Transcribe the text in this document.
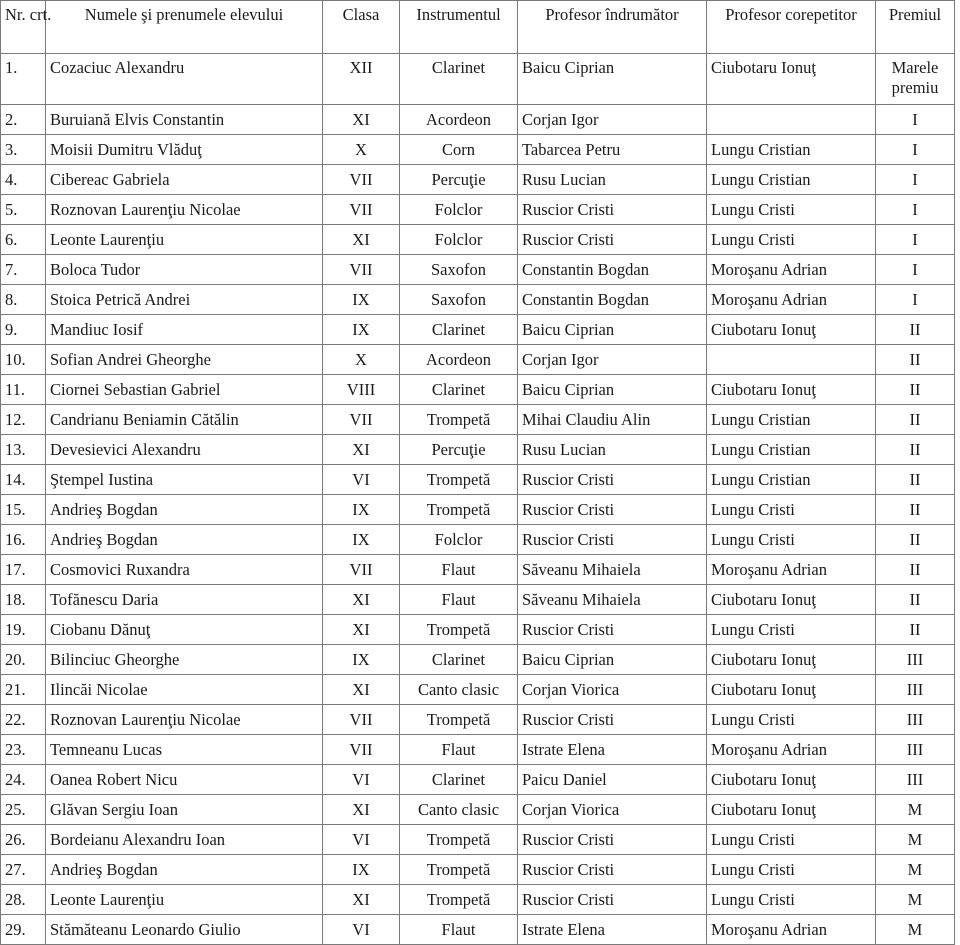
Nr. crt.	Numele şi prenumele elevului	Clasa	Instrumentul	Profesor îndrumător	Profesor corepetitor	Premiul
1.	Cozaciuc Alexandru	XII	Clarinet	Baicu Ciprian	Ciubotaru Ionuţ	Marele premiu
2.	Buruiană Elvis Constantin	XI	Acordeon	Corjan Igor		I
3.	Moisii Dumitru Vlăduţ	X	Corn	Tabarcea Petru	Lungu Cristian	I
4.	Cibereac Gabriela	VII	Percuţie	Rusu Lucian	Lungu Cristian	I
5.	Roznovan Laurenţiu Nicolae	VII	Folclor	Ruscior Cristi	Lungu Cristi	I
6.	Leonte Laurenţiu	XI	Folclor	Ruscior Cristi	Lungu Cristi	I
7.	Boloca Tudor	VII	Saxofon	Constantin Bogdan	Moroşanu Adrian	I
8.	Stoica Petrică Andrei	IX	Saxofon	Constantin Bogdan	Moroşanu Adrian	I
9.	Mandiuc Iosif	IX	Clarinet	Baicu Ciprian	Ciubotaru Ionuţ	II
10.	Sofian Andrei Gheorghe	X	Acordeon	Corjan Igor		II
11.	Ciornei Sebastian Gabriel	VIII	Clarinet	Baicu Ciprian	Ciubotaru Ionuţ	II
12.	Candrianu Beniamin Cătălin	VII	Trompetă	Mihai Claudiu Alin	Lungu Cristian	II
13.	Devesievici Alexandru	XI	Percuţie	Rusu Lucian	Lungu Cristian	II
14.	Ştempel Iustina	VI	Trompetă	Ruscior Cristi	Lungu Cristian	II
15.	Andrieş Bogdan	IX	Trompetă	Ruscior Cristi	Lungu Cristi	II
16.	Andrieş Bogdan	IX	Folclor	Ruscior Cristi	Lungu Cristi	II
17.	Cosmovici Ruxandra	VII	Flaut	Săveanu Mihaiela	Moroşanu Adrian	II
18.	Tofănescu Daria	XI	Flaut	Săveanu Mihaiela	Ciubotaru Ionuţ	II
19.	Ciobanu Dănuţ	XI	Trompetă	Ruscior Cristi	Lungu Cristi	II
20.	Bilinciuc Gheorghe	IX	Clarinet	Baicu Ciprian	Ciubotaru Ionuţ	III
21.	Ilincăi Nicolae	XI	Canto clasic	Corjan Viorica	Ciubotaru Ionuţ	III
22.	Roznovan Laurenţiu Nicolae	VII	Trompetă	Ruscior Cristi	Lungu Cristi	III
23.	Temneanu Lucas	VII	Flaut	Istrate Elena	Moroşanu Adrian	III
24.	Oanea Robert Nicu	VI	Clarinet	Paicu Daniel	Ciubotaru Ionuţ	III
25.	Glăvan Sergiu Ioan	XI	Canto clasic	Corjan Viorica	Ciubotaru Ionuţ	M
26.	Bordeianu Alexandru Ioan	VI	Trompetă	Ruscior Cristi	Lungu Cristi	M
27.	Andrieş Bogdan	IX	Trompetă	Ruscior Cristi	Lungu Cristi	M
28.	Leonte Laurenţiu	XI	Trompetă	Ruscior Cristi	Lungu Cristi	M
29.	Stămăteanu Leonardo Giulio	VI	Flaut	Istrate Elena	Moroşanu Adrian	M
